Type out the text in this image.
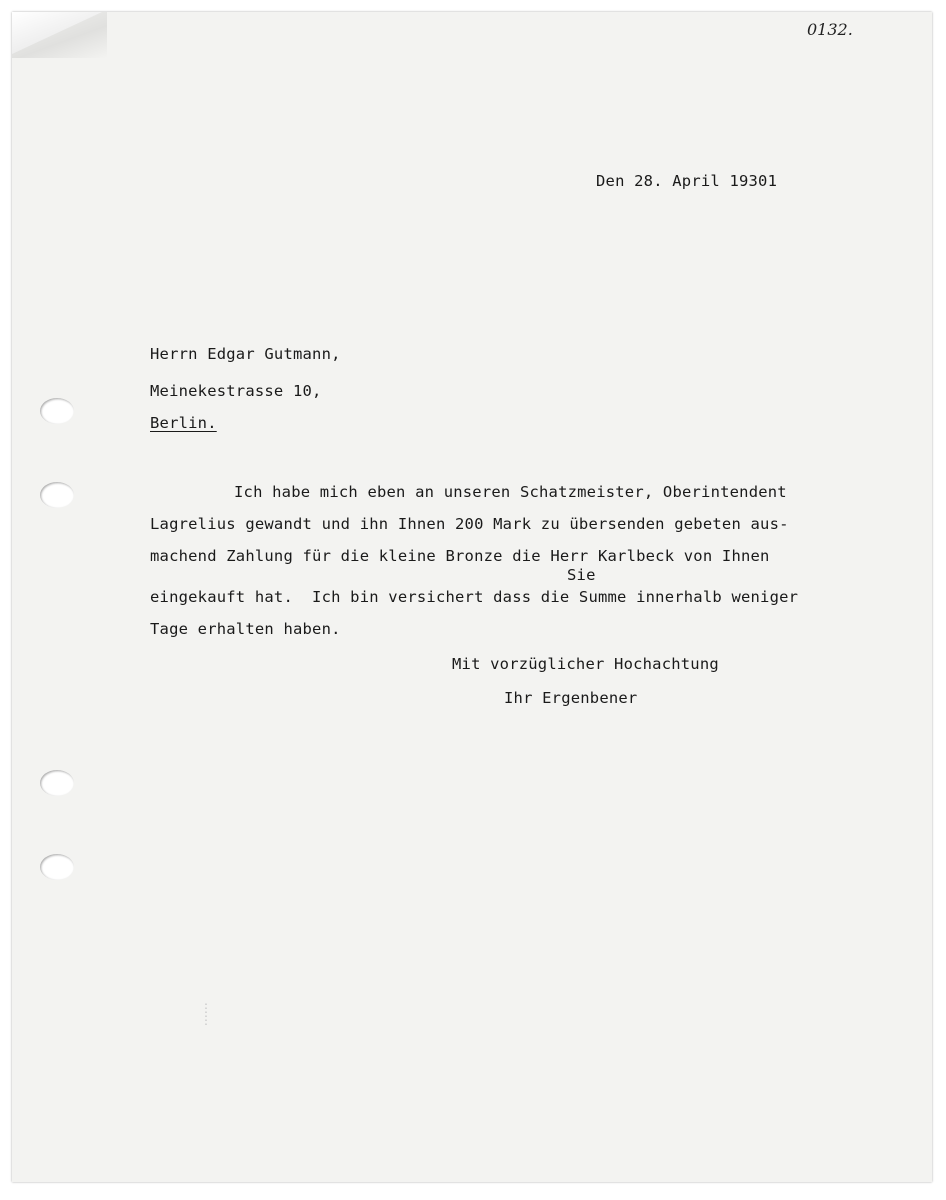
0132.
Den 28. April 19301
Herrn Edgar Gutmann,
Meinekestrasse 10,
Berlin.
Ich habe mich eben an unseren Schatzmeister, Oberintendent
Lagrelius gewandt und ihn Ihnen 200 Mark zu übersenden gebeten aus-
machend Zahlung für die kleine Bronze die Herr Karlbeck von Ihnen
Sie
eingekauft hat.  Ich bin versichert dass die Summe innerhalb weniger
Tage erhalten haben.
Mit vorzüglicher Hochachtung
Ihr Ergenbener
⋮
⋮
